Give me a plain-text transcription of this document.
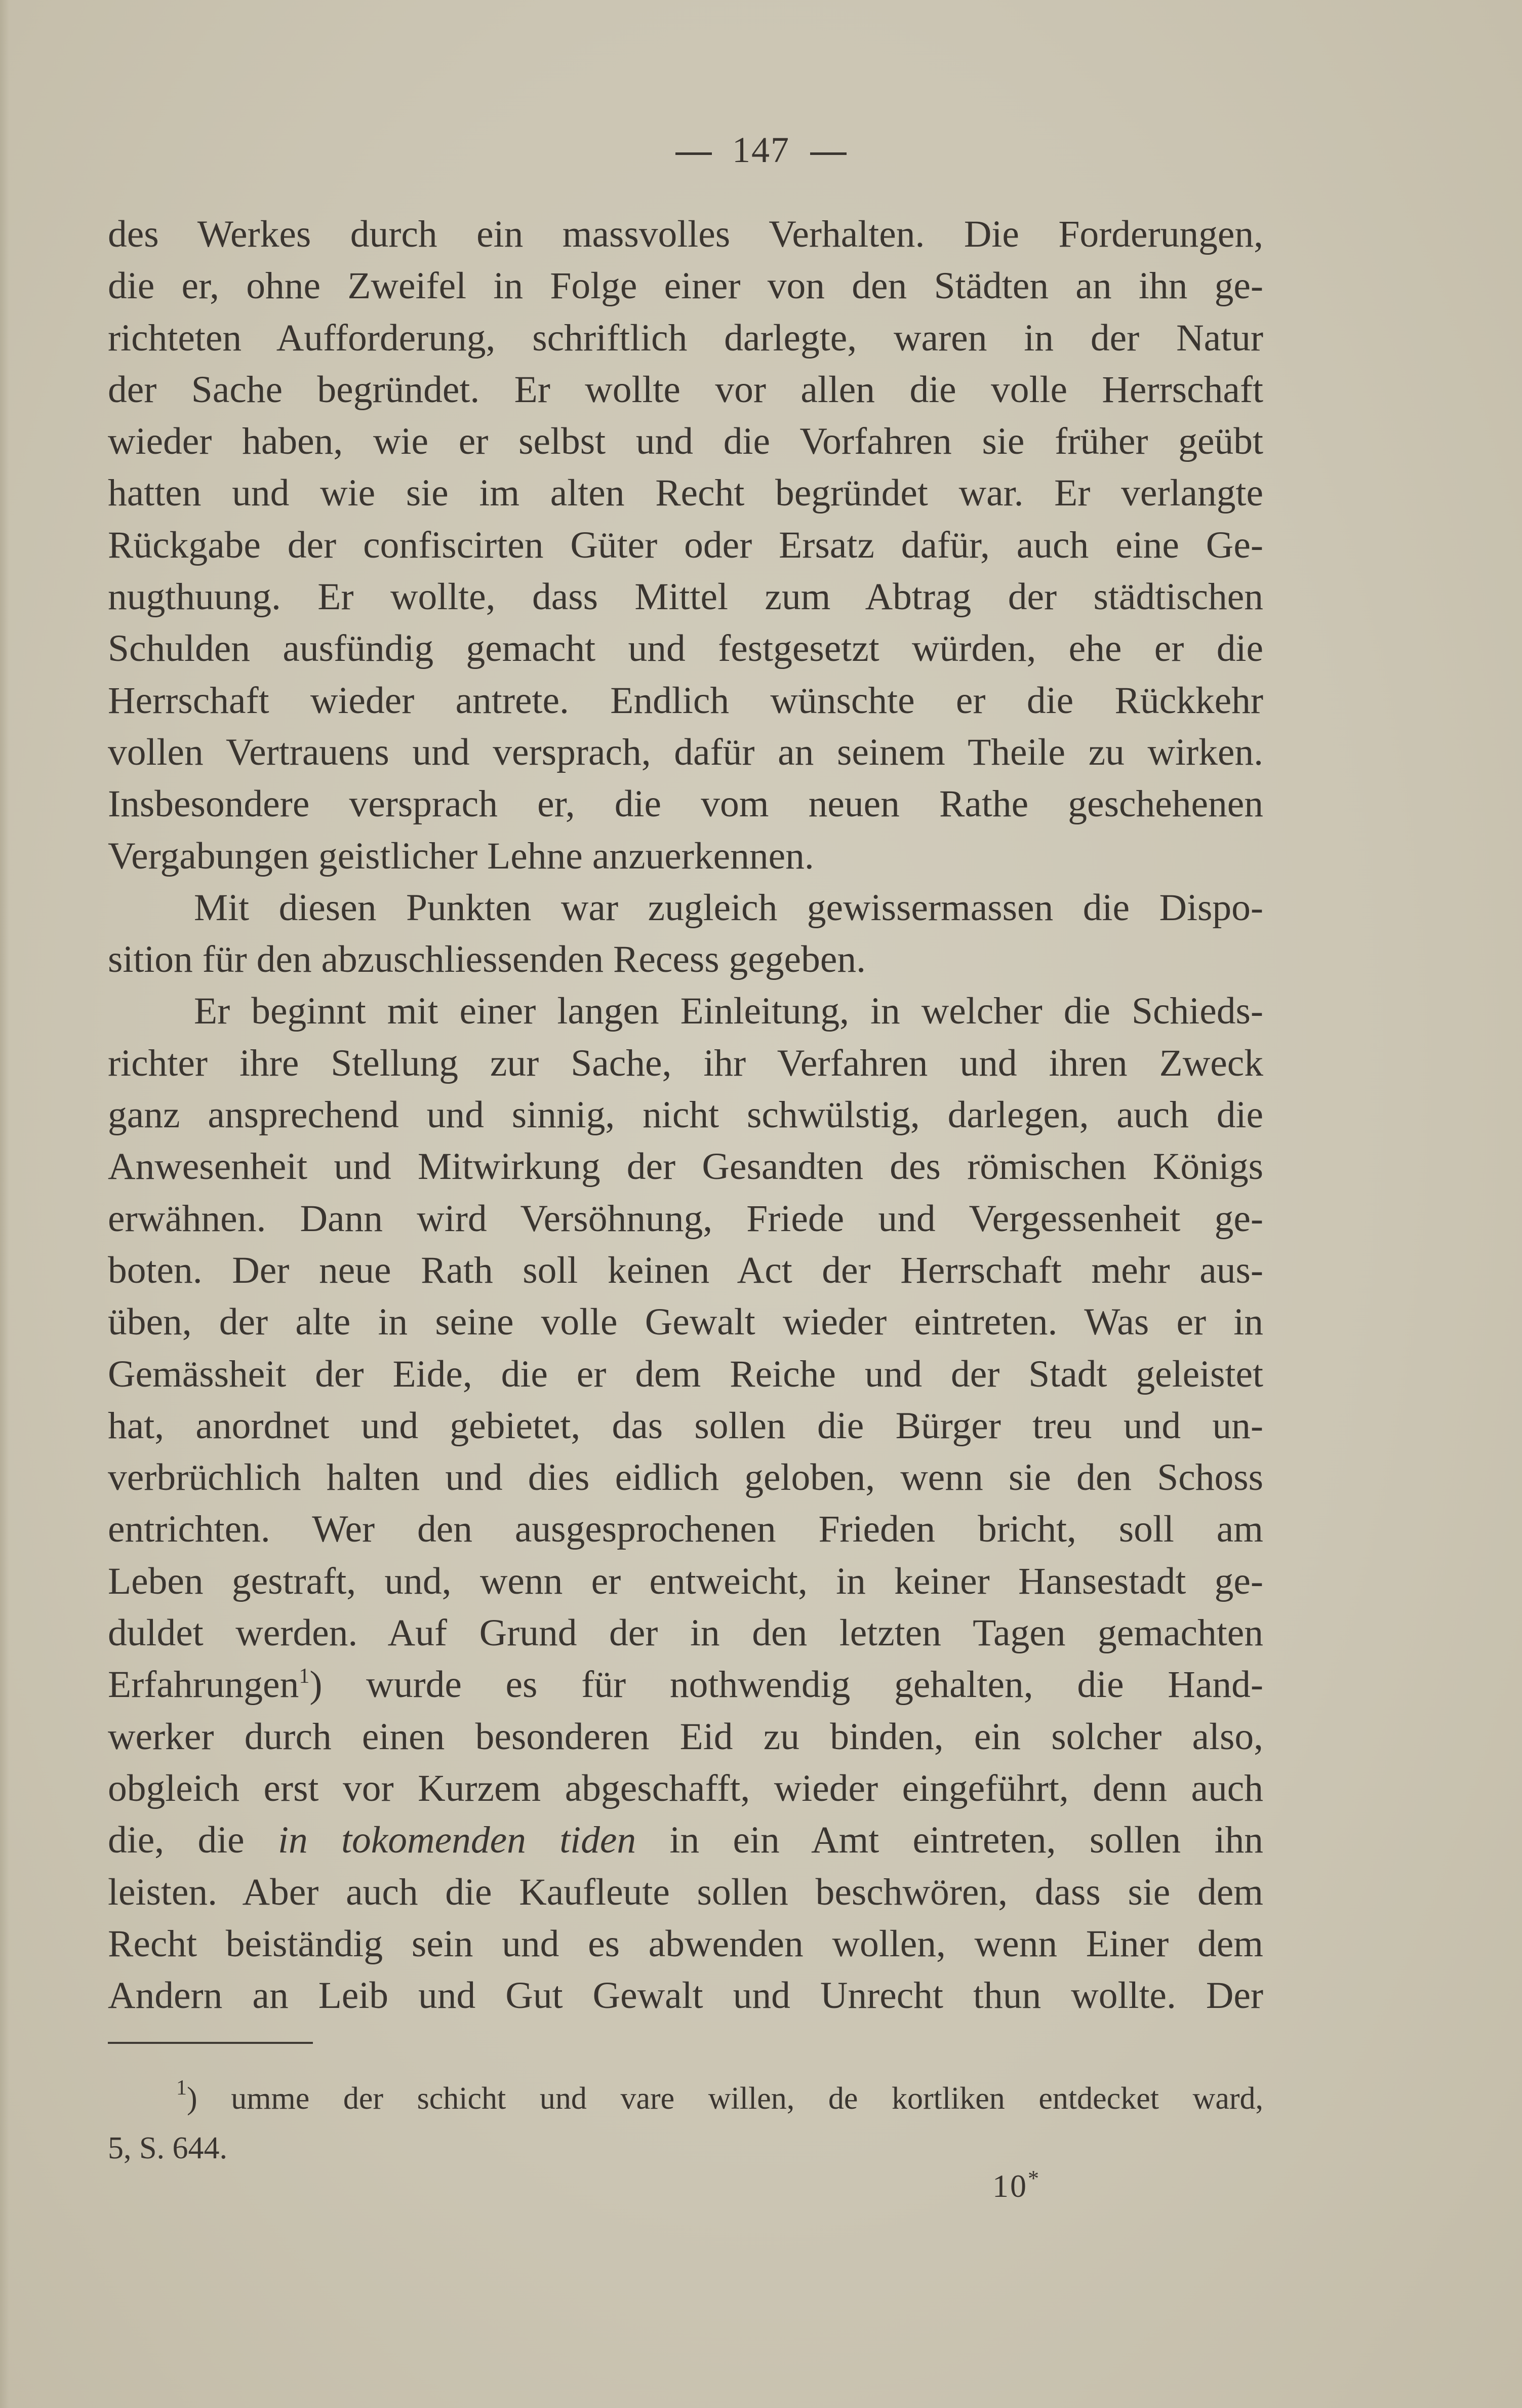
147
des Werkes durch ein massvolles Verhalten. Die Forderungen,
die er, ohne Zweifel in Folge einer von den Städten an ihn ge-
richteten Aufforderung, schriftlich darlegte, waren in der Natur
der Sache begründet. Er wollte vor allen die volle Herrschaft
wieder haben, wie er selbst und die Vorfahren sie früher geübt
hatten und wie sie im alten Recht begründet war. Er verlangte
Rückgabe der confiscirten Güter oder Ersatz dafür, auch eine Ge-
nugthuung. Er wollte, dass Mittel zum Abtrag der städtischen
Schulden ausfündig gemacht und festgesetzt würden, ehe er die
Herrschaft wieder antrete. Endlich wünschte er die Rückkehr
vollen Vertrauens und versprach, dafür an seinem Theile zu wirken.
Insbesondere versprach er, die vom neuen Rathe geschehenen
Vergabungen geistlicher Lehne anzuerkennen.
Mit diesen Punkten war zugleich gewissermassen die Dispo-
sition für den abzuschliessenden Recess gegeben.
Er beginnt mit einer langen Einleitung, in welcher die Schieds-
richter ihre Stellung zur Sache, ihr Verfahren und ihren Zweck
ganz ansprechend und sinnig, nicht schwülstig, darlegen, auch die
Anwesenheit und Mitwirkung der Gesandten des römischen Königs
erwähnen. Dann wird Versöhnung, Friede und Vergessenheit ge-
boten. Der neue Rath soll keinen Act der Herrschaft mehr aus-
üben, der alte in seine volle Gewalt wieder eintreten. Was er in
Gemässheit der Eide, die er dem Reiche und der Stadt geleistet
hat, anordnet und gebietet, das sollen die Bürger treu und un-
verbrüchlich halten und dies eidlich geloben, wenn sie den Schoss
entrichten. Wer den ausgesprochenen Frieden bricht, soll am
Leben gestraft, und, wenn er entweicht, in keiner Hansestadt ge-
duldet werden. Auf Grund der in den letzten Tagen gemachten
Erfahrungen$^1$) wurde es für nothwendig gehalten, die Hand-
werker durch einen besonderen Eid zu binden, ein solcher also,
obgleich erst vor Kurzem abgeschafft, wieder eingeführt, denn auch
die, die in tokomenden tiden in ein Amt eintreten, sollen ihn
leisten. Aber auch die Kaufleute sollen beschwören, dass sie dem
Recht beiständig sein und es abwenden wollen, wenn Einer dem
Andern an Leib und Gut Gewalt und Unrecht thun wollte. Der
$^1$) umme der schicht und vare willen, de kortliken entdecket ward,
5, S. 644.
10*
